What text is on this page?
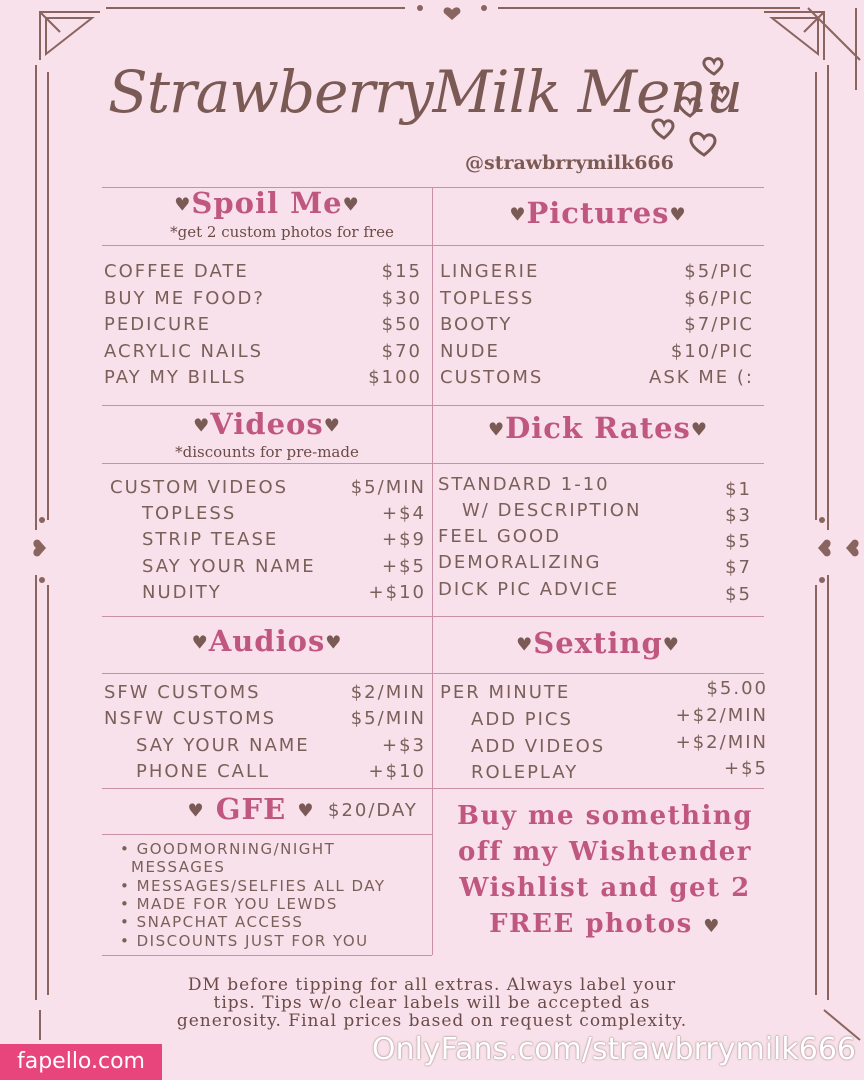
StrawberryMilk Menu
@strawbrrymilk666
♥Spoil Me♥
*get 2 custom photos for free
COFFEE DATE	$15
BUY ME FOOD?	$30
PEDICURE	$50
ACRYLIC NAILS	$70
PAY MY BILLS	$100
♥Pictures♥
LINGERIE	$5/PIC
TOPLESS	$6/PIC
BOOTY	$7/PIC
NUDE	$10/PIC
CUSTOMS	ASK ME (:
♥Videos♥
*discounts for pre-made
CUSTOM VIDEOS	$5/MIN
TOPLESS	+$4
STRIP TEASE	+$9
SAY YOUR NAME	+$5
NUDITY	+$10
♥Dick Rates♥
STANDARD 1-10	$1
W/ DESCRIPTION	$3
FEEL GOOD	$5
DEMORALIZING	$7
DICK PIC ADVICE	$5
♥Audios♥
SFW CUSTOMS	$2/MIN
NSFW CUSTOMS	$5/MIN
SAY YOUR NAME	+$3
PHONE CALL	+$10
♥Sexting♥
PER MINUTE	$5.00
ADD PICS	+$2/MIN
ADD VIDEOS	+$2/MIN
ROLEPLAY	+$5
♥ GFE ♥ $20/DAY
• GOODMORNING/NIGHT
MESSAGES
• MESSAGES/SELFIES ALL DAY
• MADE FOR YOU LEWDS
• SNAPCHAT ACCESS
• DISCOUNTS JUST FOR YOU
Buy me something
off my Wishtender
Wishlist and get 2
FREE photos ♥
DM before tipping for all extras. Always label your
tips. Tips w/o clear labels will be accepted as
generosity. Final prices based on request complexity.
fapello.com	OnlyFans.com/strawbrrymilk666
